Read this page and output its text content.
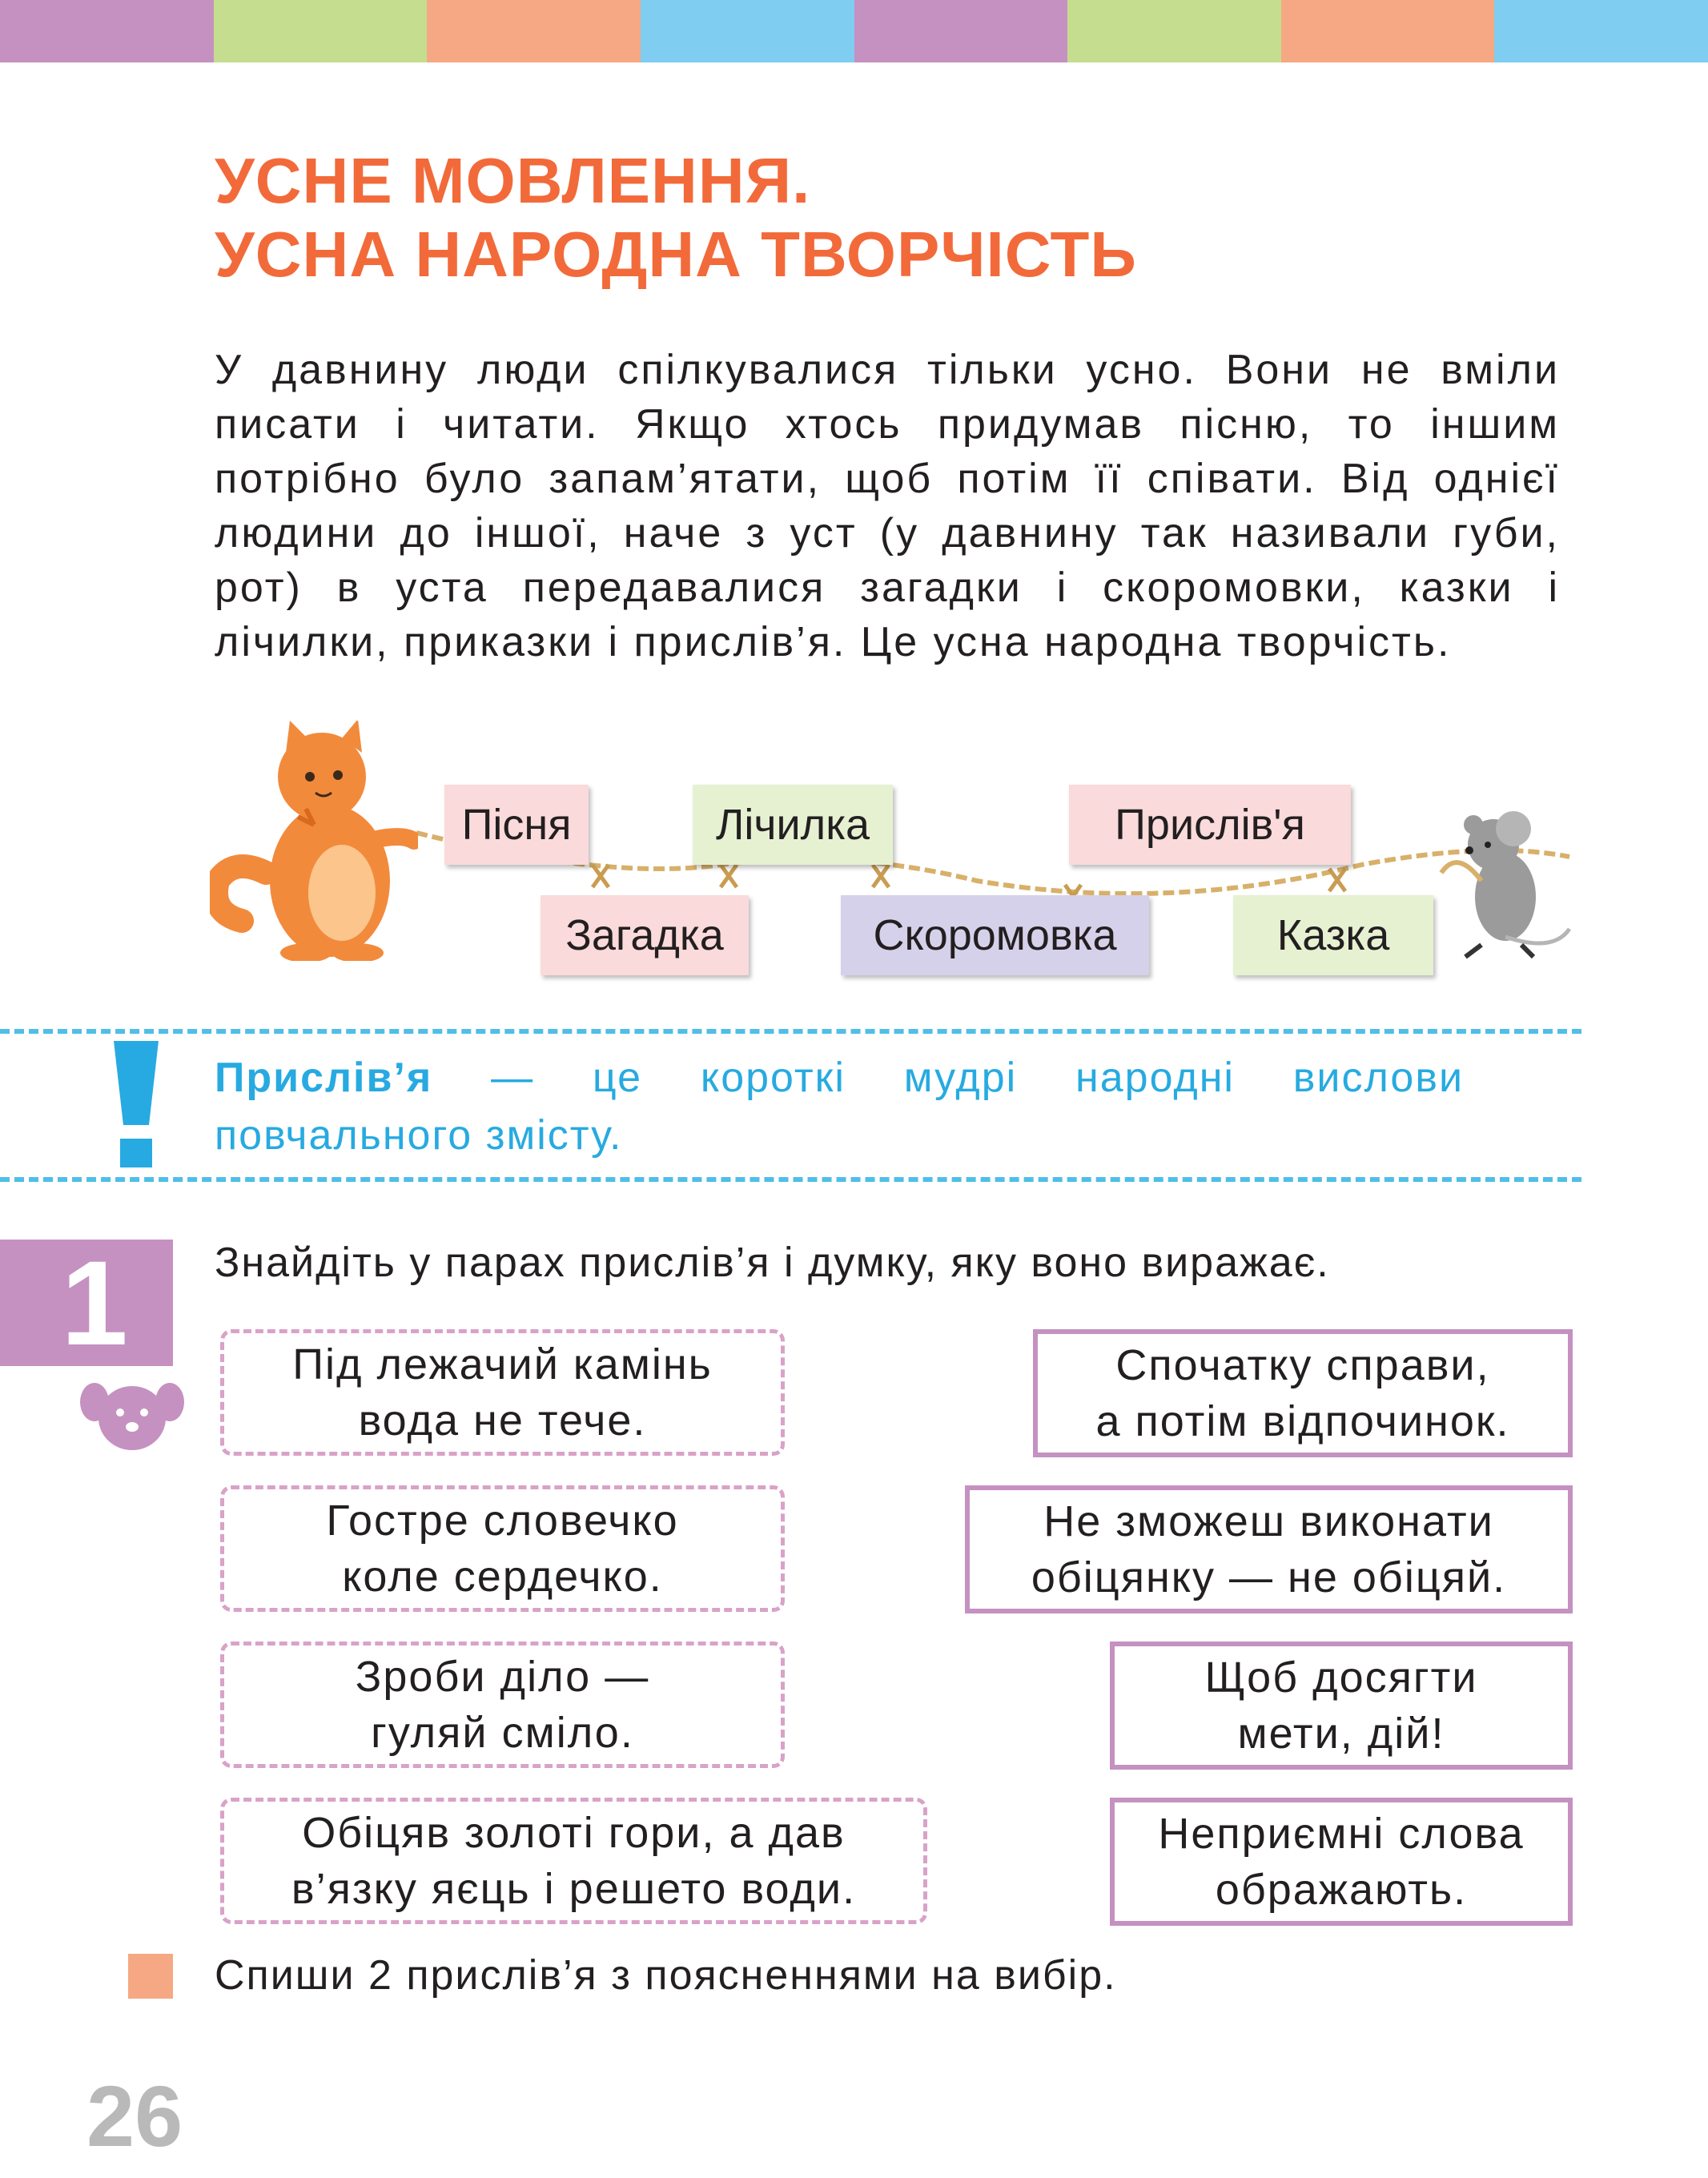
УСНЕ МОВЛЕННЯ.
УСНА НАРОДНА ТВОРЧІСТЬ

У давнину люди спілкувалися тільки усно. Вони не вміли писати і читати. Якщо хтось придумав пісню, то іншим потрібно було запам’ятати, щоб потім її співати. Від однієї людини до іншої, наче з уст (у давнину так називали губи, рот) в уста передавалися загадки і скоромовки, казки і лічилки, приказки і прислів’я. Це усна народна творчість.

Пісня	Лічилка	Прислів'я
Загадка	Скоромовка	Казка

Прислів’я — це короткі мудрі народні вислови повчального змісту.

1	Знайдіть у парах прислів’я і думку, яку воно виражає.

Під лежачий камінь
вода не тече.
Гостре словечко
коле сердечко.
Зроби діло —
гуляй сміло.
Обіцяв золоті гори, а дав
в’язку яєць і решето води.
Спочатку справи,
а потім відпочинок.
Не зможеш виконати
обіцянку — не обіцяй.
Щоб досягти
мети, дій!
Неприємні слова
ображають.

Спиши 2 прислів’я з поясненнями на вибір.

26
